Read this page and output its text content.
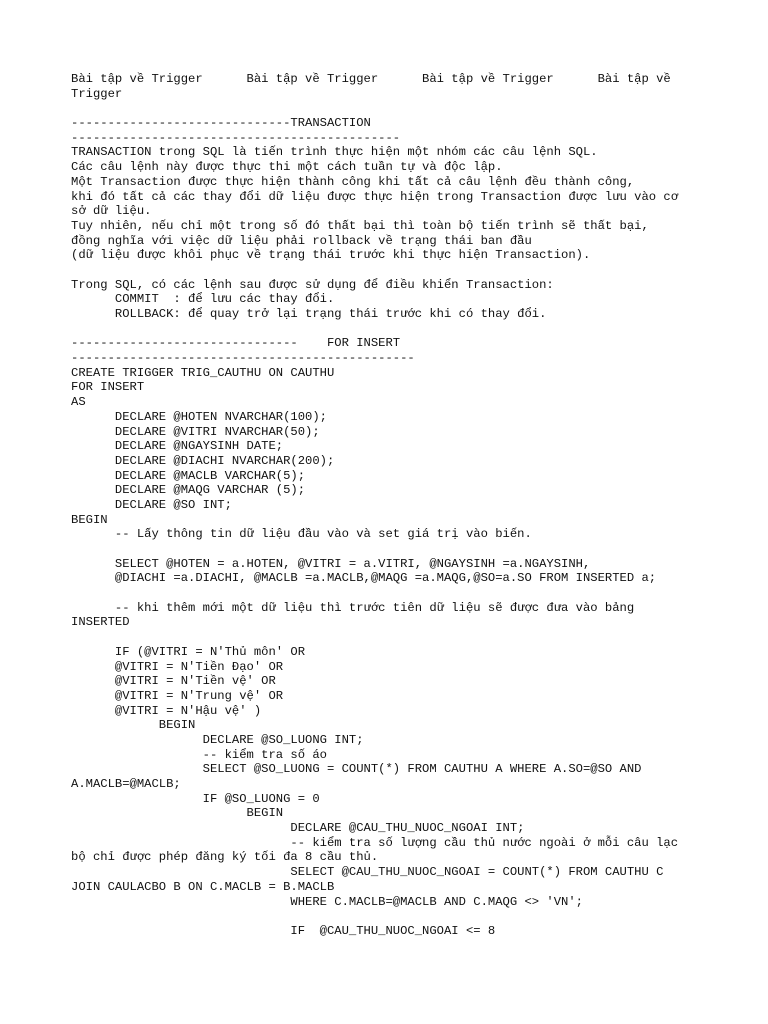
Bài tập về Trigger      Bài tập về Trigger      Bài tập về Trigger      Bài tập về
Trigger
------------------------------TRANSACTION
---------------------------------------------
TRANSACTION trong SQL là tiến trình thực hiện một nhóm các câu lệnh SQL.
Các câu lệnh này được thực thi một cách tuần tự và độc lập.
Một Transaction được thực hiện thành công khi tất cả câu lệnh đều thành công,
khi đó tất cả các thay đổi dữ liệu được thực hiện trong Transaction được lưu vào cơ
sở dữ liệu.
Tuy nhiên, nếu chỉ một trong số đó thất bại thì toàn bộ tiến trình sẽ thất bại,
đồng nghĩa với việc dữ liệu phải rollback về trạng thái ban đầu
(dữ liệu được khôi phục về trạng thái trước khi thực hiện Transaction).
Trong SQL, có các lệnh sau được sử dụng để điều khiển Transaction:
COMMIT  : để lưu các thay đổi.
ROLLBACK: để quay trở lại trạng thái trước khi có thay đổi.
-------------------------------    FOR INSERT
-----------------------------------------------
CREATE TRIGGER TRIG_CAUTHU ON CAUTHU
FOR INSERT
AS
DECLARE @HOTEN NVARCHAR(100);
DECLARE @VITRI NVARCHAR(50);
DECLARE @NGAYSINH DATE;
DECLARE @DIACHI NVARCHAR(200);
DECLARE @MACLB VARCHAR(5);
DECLARE @MAQG VARCHAR (5);
DECLARE @SO INT;
BEGIN
-- Lấy thông tin dữ liệu đầu vào và set giá trị vào biến.
SELECT @HOTEN = a.HOTEN, @VITRI = a.VITRI, @NGAYSINH =a.NGAYSINH,
@DIACHI =a.DIACHI, @MACLB =a.MACLB,@MAQG =a.MAQG,@SO=a.SO FROM INSERTED a;
-- khi thêm mới một dữ liệu thì trước tiên dữ liệu sẽ được đưa vào bảng
INSERTED
IF (@VITRI = N'Thủ môn' OR
@VITRI = N'Tiền Đạo' OR
@VITRI = N'Tiền vệ' OR
@VITRI = N'Trung vệ' OR
@VITRI = N'Hậu vệ' )
BEGIN
DECLARE @SO_LUONG INT;
-- kiểm tra số áo
SELECT @SO_LUONG = COUNT(*) FROM CAUTHU A WHERE A.SO=@SO AND
A.MACLB=@MACLB;
IF @SO_LUONG = 0
BEGIN
DECLARE @CAU_THU_NUOC_NGOAI INT;
-- kiểm tra số lượng cầu thủ nước ngoài ở mỗi câu lạc
bộ chỉ được phép đăng ký tối đa 8 cầu thủ.
SELECT @CAU_THU_NUOC_NGOAI = COUNT(*) FROM CAUTHU C
JOIN CAULACBO B ON C.MACLB = B.MACLB
WHERE C.MACLB=@MACLB AND C.MAQG <> 'VN';
IF  @CAU_THU_NUOC_NGOAI <= 8
